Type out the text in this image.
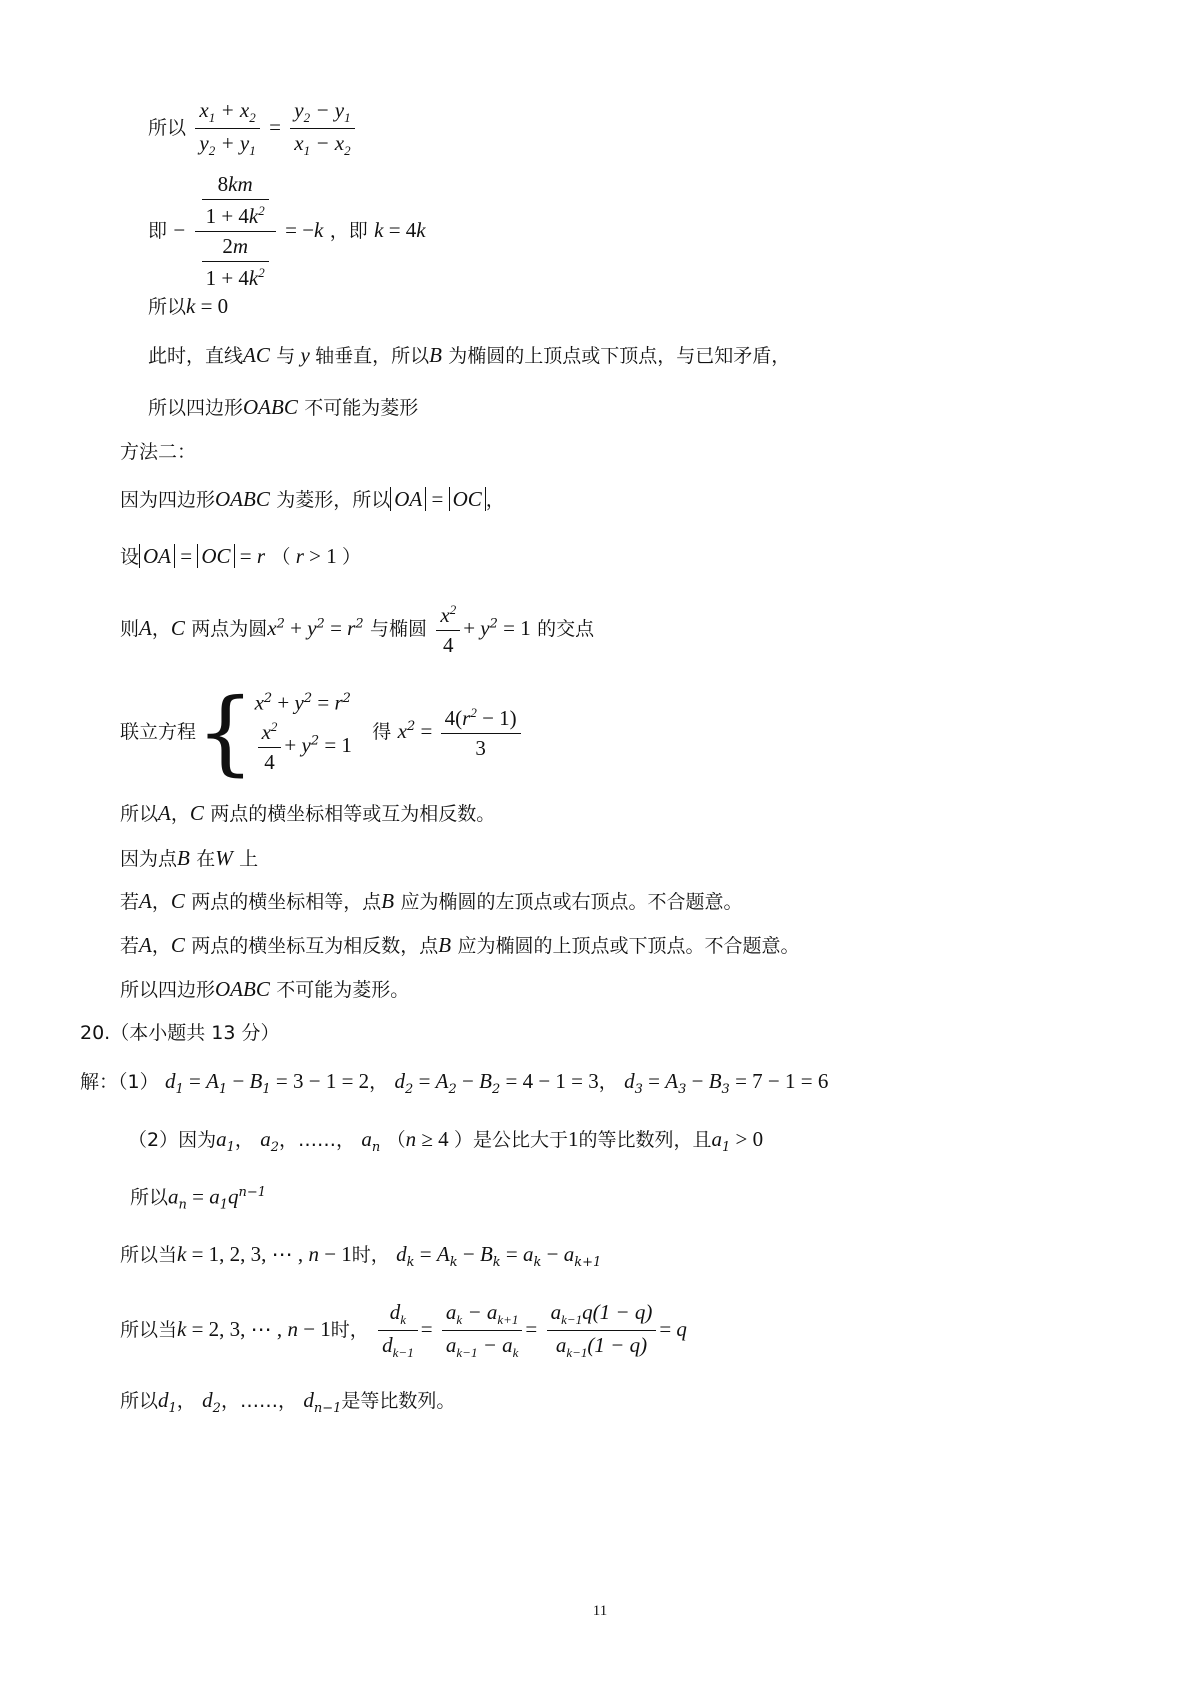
所以 $\frac{x_1 + x_2}{y_2 + y_1} = \frac{y_2 - y_1}{x_1 - x_2}$
即 − $\frac{\frac{8km}{1 + 4k^2}}{\frac{2m}{1 + 4k^2}} = -k$ ，即 k = 4k
所以k = 0
此时，直线AC 与 y 轴垂直，所以B 为椭圆的上顶点或下顶点，与已知矛盾，
所以四边形OABC 不可能为菱形
方法二：
因为四边形OABC 为菱形，所以 OA = OC ，
设 OA = OC = r （ r > 1 ）
则A，C 两点为圆$x^2 + y^2 = r^2$ 与椭圆 $\frac{x^2}{4} + y^2 = 1$ 的交点
联立方程{ $x^2 + y^2 = r^2$
$\frac{x^2}{4} + y^2 = 1$
得 $x^2 = \frac{4(r^2 - 1)}{3}$
所以A，C 两点的横坐标相等或互为相反数。
因为点B 在W 上
若A，C 两点的横坐标相等，点B 应为椭圆的左顶点或右顶点。不合题意。
若A，C 两点的横坐标互为相反数，点B 应为椭圆的上顶点或下顶点。不合题意。
所以四边形OABC 不可能为菱形。
20.（本小题共 13 分）
解：（1） $d_1 = A_1 - B_1 = 3 - 1 = 2$， $d_2 = A_2 - B_2 = 4 - 1 = 3$， $d_3 = A_3 - B_3 = 7 - 1 = 6$
（2）因为$a_1$， $a_2$，……， $a_n$ （n ≥ 4 ）是公比大于1的等比数列，且$a_1 > 0$
所以$a_n = a_1q^{n-1}$
所以当k = 1, 2, 3, ⋯ , n − 1时， $d_k = A_k - B_k = a_k - a_{k+1}$
所以当k = 2, 3, ⋯ , n − 1时， $\frac{d_k}{d_{k-1}} = \frac{a_k - a_{k+1}}{a_{k-1} - a_k} = \frac{a_{k-1}q(1 - q)}{a_{k-1}(1 - q)} = q$
所以$d_1$， $d_2$，……， $d_{n-1}$是等比数列。
11
